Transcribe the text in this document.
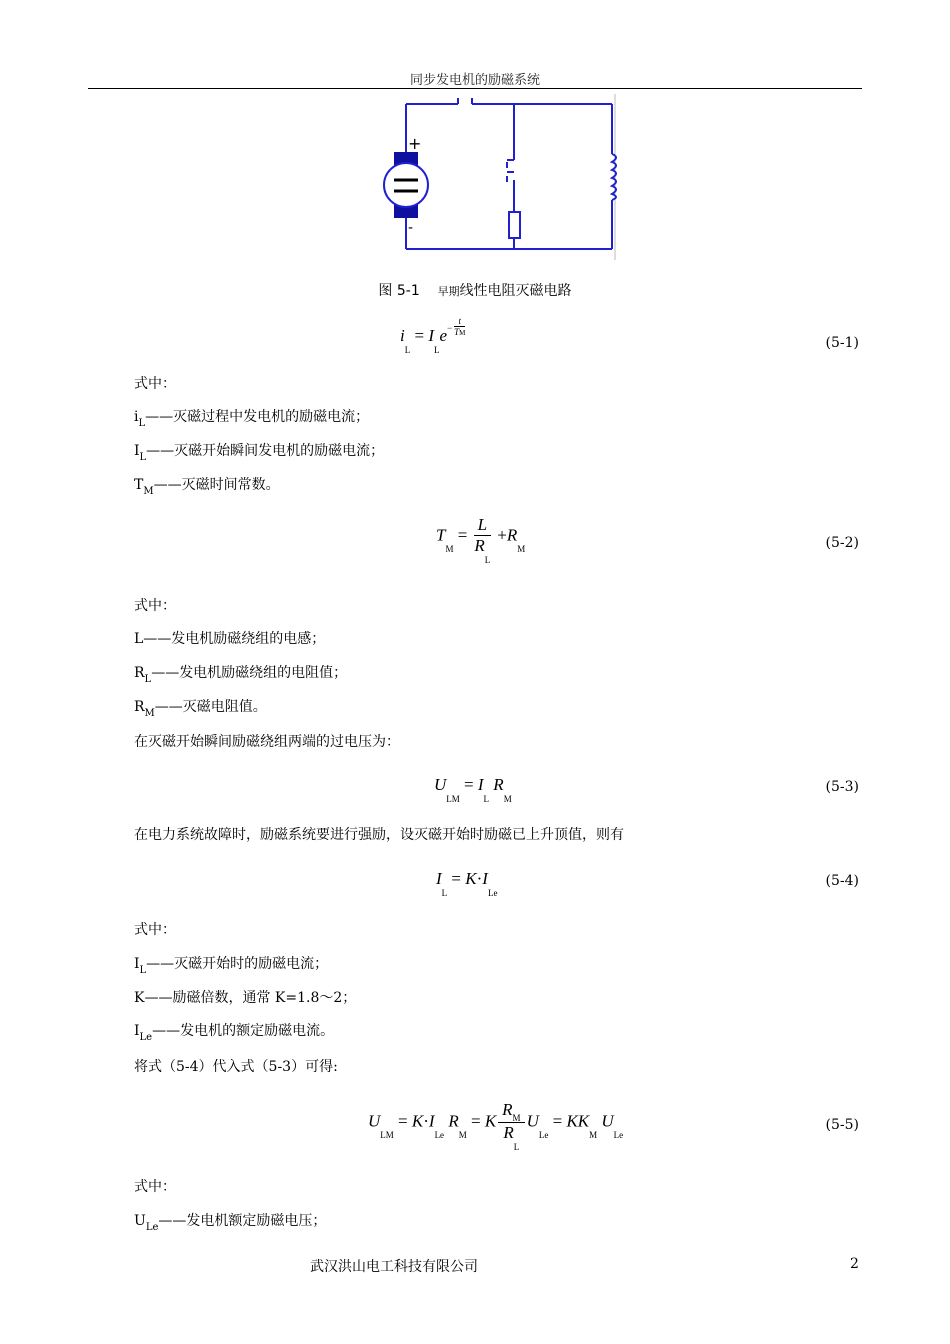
同步发电机的励磁系统
+
-
图 5-1 早期线性电阻灭磁电路
$i_L = I_Le^- \frac{t}{TM}$
(5-1)
式中：
$i_L——$灭磁过程中发电机的励磁电流；
$I_L——$灭磁开始瞬间发电机的励磁电流；
$T_M——$灭磁时间常数。
$T_M = \frac{L}{R_L} +R_M$	(5-2)
式中：
L——发电机励磁绕组的电感；
$R_L——$发电机励磁绕组的电阻值；
$R_M——$灭磁电阻值。
在灭磁开始瞬间励磁绕组两端的过电压为：
$U_{LM} = I_L$ $R_M$
(5-3)
在电力系统故障时，励磁系统要进行强励，设灭磁开始时励磁已上升顶值，则有
$I_L = K\cdot I_{Le}$
(5-4)
式中：
$I_L——$灭磁开始时的励磁电流；
K——励磁倍数，通常 K=1.8～2；
$I_{Le}——$发电机的额定励磁电流。
将式（5-4）代入式（5-3）可得:
$U_{LM} = K\cdot I_{Le}$ $R_M = K \frac{R_M}{R_L} U_{Le} = KK_M$ $U_{Le}$
(5-5)
式中：
$U_{Le}——$发电机额定励磁电压；
武汉洪山电工科技有限公司	2
